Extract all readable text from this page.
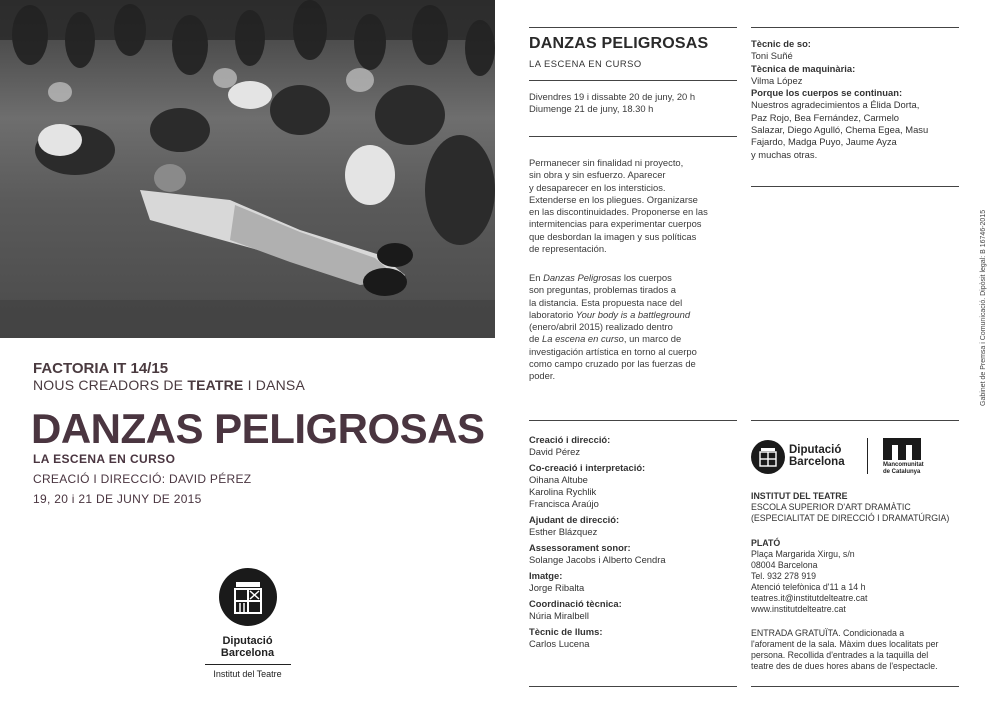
FACTORIA IT 14/15
NOUS CREADORS DE TEATRE I DANSA
DANZAS PELIGROSAS
LA ESCENA EN CURSO
CREACIÓ I DIRECCIÓ: DAVID PÉREZ
19, 20 i 21 DE JUNY DE 2015
Diputació
Barcelona
Institut del Teatre
DANZAS PELIGROSAS
LA ESCENA EN CURSO
Divendres 19 i dissabte 20 de juny, 20 h
Diumenge 21 de juny, 18.30 h
Permanecer sin finalidad ni proyecto,
sin obra y sin esfuerzo. Aparecer
y desaparecer en los intersticios.
Extenderse en los pliegues. Organizarse
en las discontinuidades. Proponerse en las
intermitencias para experimentar cuerpos
que desbordan la imagen y sus políticas
de representación.
En Danzas Peligrosas los cuerpos
son preguntas, problemas tirados a
la distancia. Esta propuesta nace del
laboratorio Your body is a battleground
(enero/abril 2015) realizado dentro
de La escena en curso, un marco de
investigación artística en torno al cuerpo
como campo cruzado por las fuerzas de
poder.
Creació i direcció:
David Pérez
Co-creació i interpretació:
Oihana Altube
Karolina Rychlik
Francisca Araújo
Ajudant de direcció:
Esther Blázquez
Assessorament sonor:
Solange Jacobs i Alberto Cendra
Imatge:
Jorge Ribalta
Coordinació tècnica:
Núria Miralbell
Tècnic de llums:
Carlos Lucena
Tècnic de so:
Toni Suñé
Tècnica de maquinària:
Vilma López
Porque los cuerpos se continuan:
Nuestros agradecimientos a Élida Dorta,
Paz Rojo, Bea Fernández, Carmelo
Salazar, Diego Agulló, Chema Egea, Masu
Fajardo, Madga Puyo, Jaume Ayza
y muchas otras.
Diputació
Barcelona	Mancomunitat
de Catalunya
INSTITUT DEL TEATRE
ESCOLA SUPERIOR D'ART DRAMÀTIC
(ESPECIALITAT DE DIRECCIÓ I DRAMATÚRGIA)
PLATÓ
Plaça Margarida Xirgu, s/n
08004 Barcelona
Tel. 932 278 919
Atenció telefònica d'11 a 14 h
teatres.it@institutdelteatre.cat
www.institutdelteatre.cat
ENTRADA GRATUÏTA. Condicionada a
l'aforament de la sala. Màxim dues localitats per
persona. Recollida d'entrades a la taquilla del
teatre des de dues hores abans de l'espectacle.
Gabinet de Premsa i Comunicació. Dipòsit legal: B 16746-2015
